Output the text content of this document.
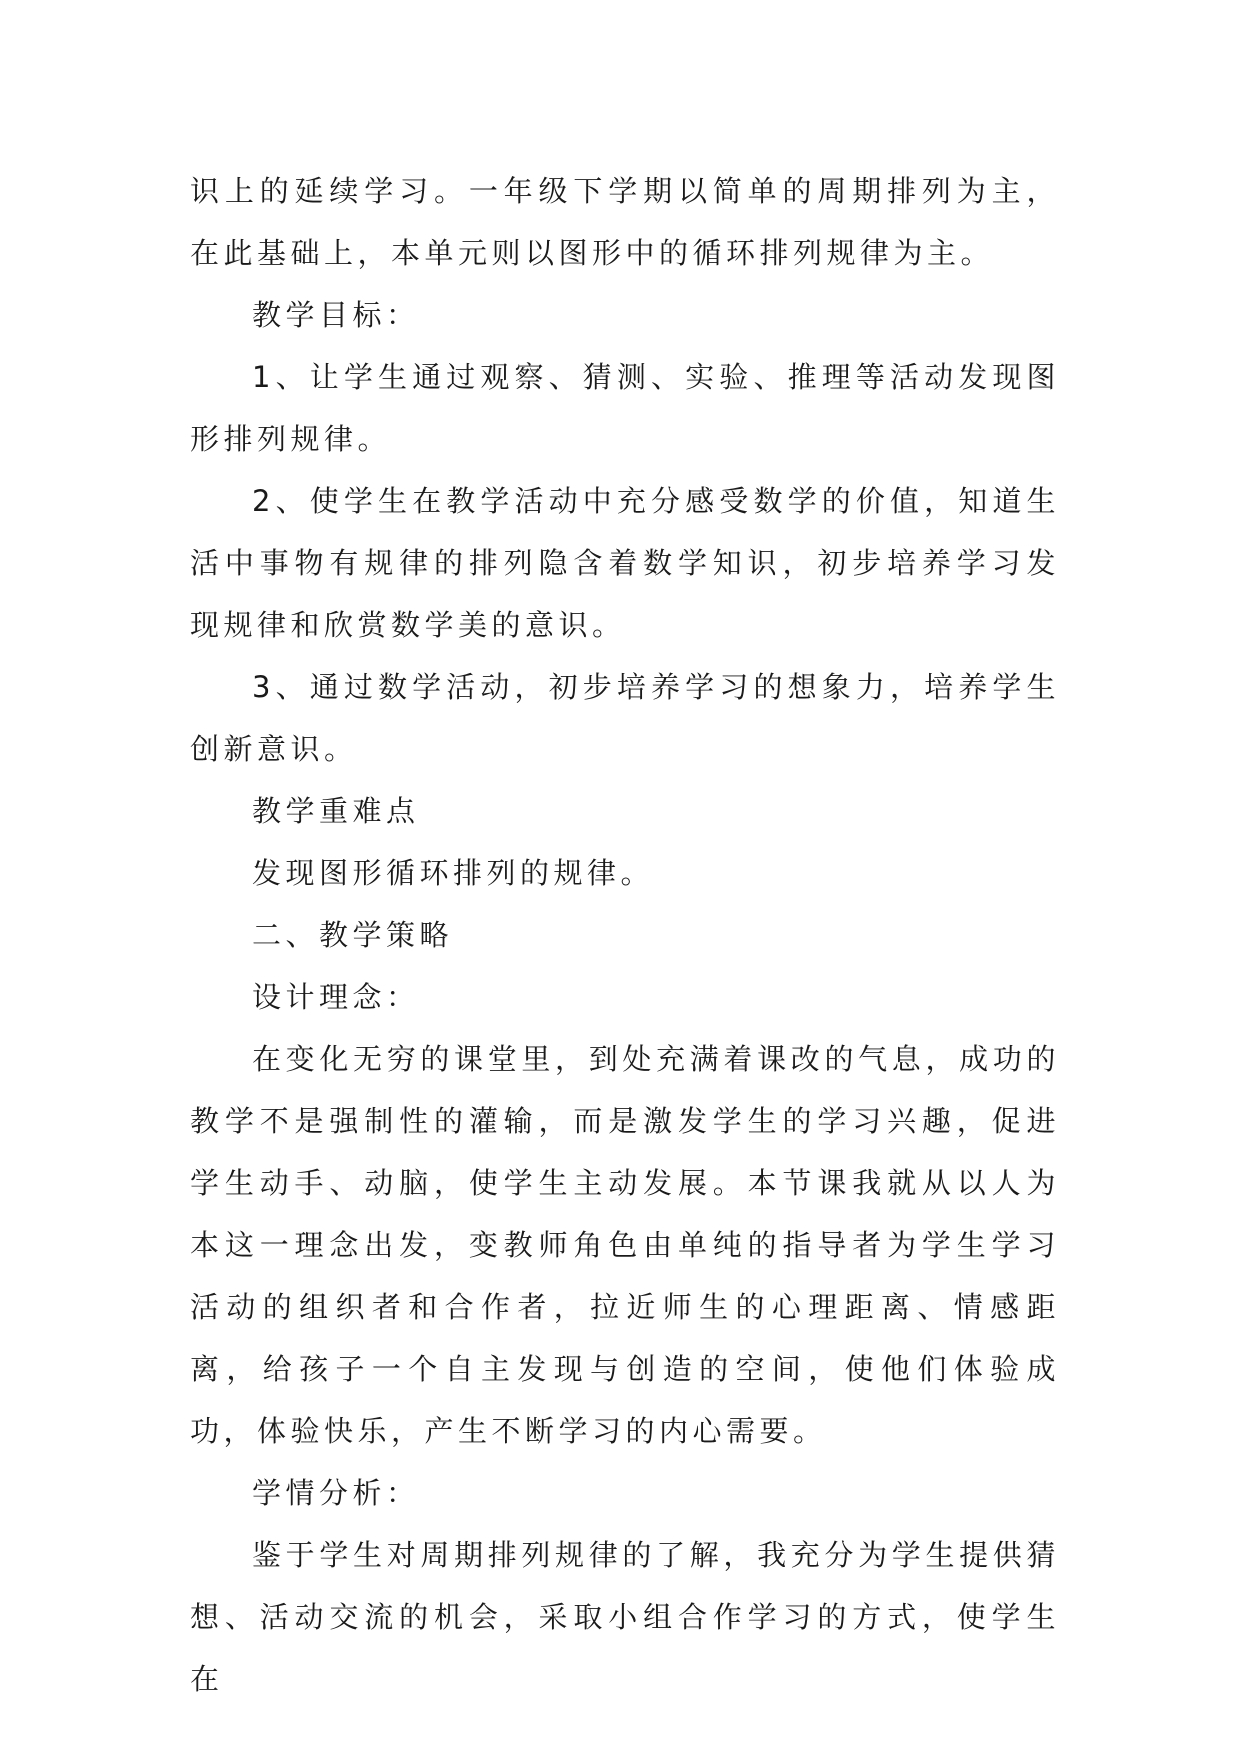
识上的延续学习。一年级下学期以简单的周期排列为主，在此基础上，本单元则以图形中的循环排列规律为主。

教学目标：

1、让学生通过观察、猜测、实验、推理等活动发现图形排列规律。

2、使学生在教学活动中充分感受数学的价值，知道生活中事物有规律的排列隐含着数学知识，初步培养学习发现规律和欣赏数学美的意识。

3、通过数学活动，初步培养学习的想象力，培养学生创新意识。

教学重难点

发现图形循环排列的规律。

二、教学策略

设计理念：

在变化无穷的课堂里，到处充满着课改的气息，成功的教学不是强制性的灌输，而是激发学生的学习兴趣，促进学生动手、动脑，使学生主动发展。本节课我就从以人为本这一理念出发，变教师角色由单纯的指导者为学生学习活动的组织者和合作者，拉近师生的心理距离、情感距离，给孩子一个自主发现与创造的空间，使他们体验成功，体验快乐，产生不断学习的内心需要。

学情分析：

鉴于学生对周期排列规律的了解，我充分为学生提供猜想、活动交流的机会，采取小组合作学习的方式，使学生在
